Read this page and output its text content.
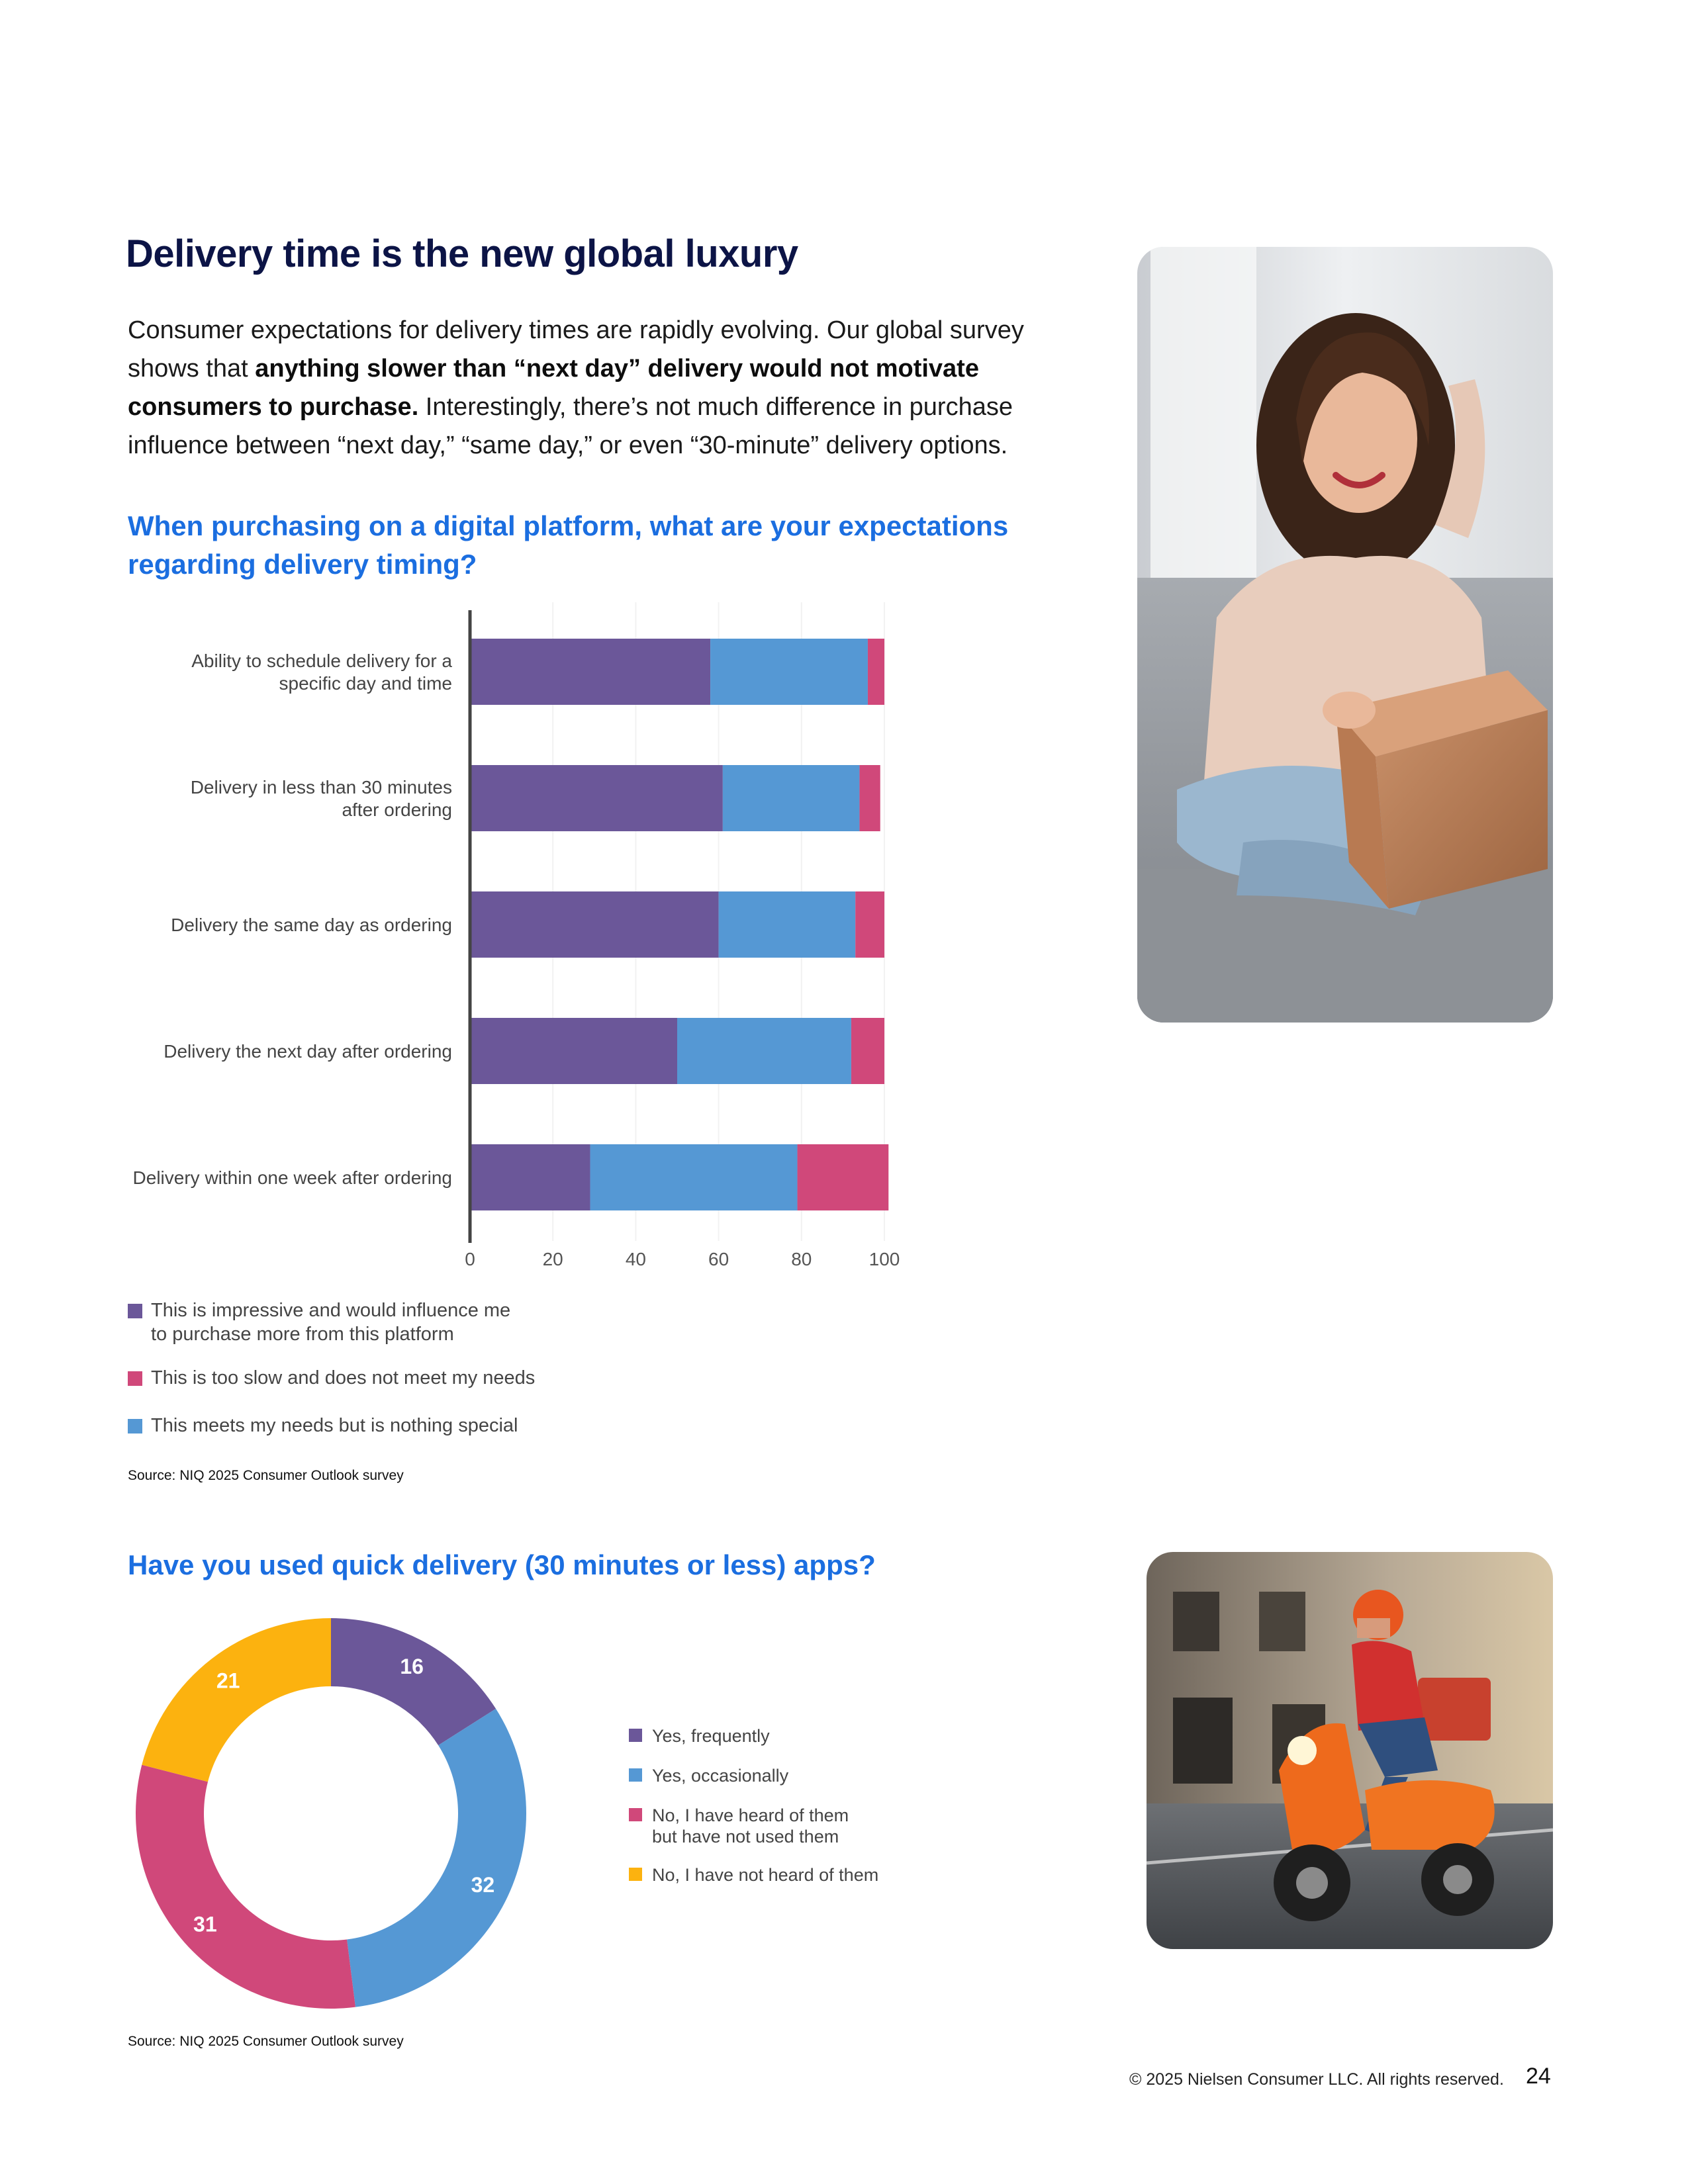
Delivery time is the new global luxury

Consumer expectations for delivery times are rapidly evolving. Our global survey shows that anything slower than “next day” delivery would not motivate consumers to purchase. Interestingly, there’s not much difference in purchase influence between “next day,” “same day,” or even “30-minute” delivery options.

When purchasing on a digital platform, what are your expectations regarding delivery timing?
Ability to schedule delivery for a specific day and time
Delivery in less than 30 minutes after ordering
Delivery the same day as ordering
Delivery the next day after ordering
Delivery within one week after ordering
0	20	40	60	80	100
This is impressive and would influence me
to purchase more from this platform
This is too slow and does not meet my needs
This meets my needs but is nothing special
Source: NIQ 2025 Consumer Outlook survey
Have you used quick delivery (30 minutes or less) apps?
16
32
31
21
Yes, frequently
Yes, occasionally
No, I have heard of them
but have not used them
No, I have not heard of them
Source: NIQ 2025 Consumer Outlook survey
© 2025 Nielsen Consumer LLC. All rights reserved. 24
